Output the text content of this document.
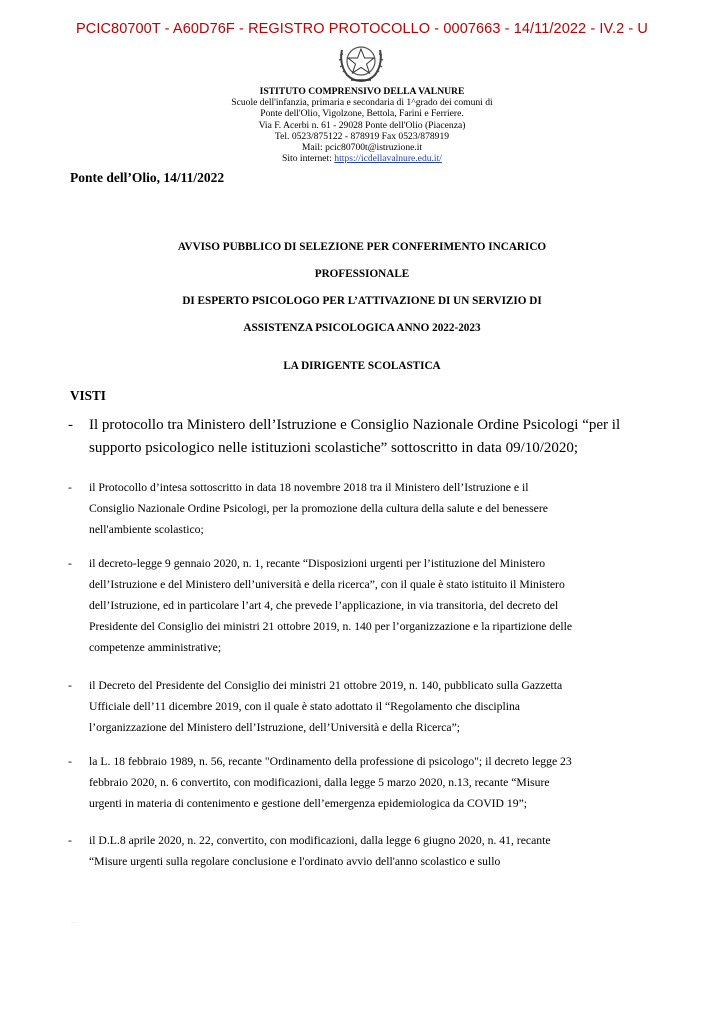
PCIC80700T - A60D76F - REGISTRO PROTOCOLLO - 0007663 - 14/11/2022 - IV.2 - U
ISTITUTO COMPRENSIVO DELLA VALNURE
Scuole dell'infanzia, primaria e secondaria di 1^grado dei comuni di
Ponte dell'Olio, Vigolzone, Bettola, Farini e Ferriere.
Via F. Acerbi n. 61 - 29028 Ponte dell'Olio (Piacenza)
Tel. 0523/875122 - 878919 Fax 0523/878919
Mail: pcic80700t@istruzione.it
Sito internet: https://icdellavalnure.edu.it/
Ponte dell’Olio, 14/11/2022
AVVISO PUBBLICO DI SELEZIONE PER CONFERIMENTO INCARICO
PROFESSIONALE
DI ESPERTO PSICOLOGO PER L’ATTIVAZIONE DI UN SERVIZIO DI
ASSISTENZA PSICOLOGICA ANNO 2022-2023
LA DIRIGENTE SCOLASTICA
VISTI
- Il protocollo tra Ministero dell’Istruzione e Consiglio Nazionale Ordine Psicologi “per il
supporto psicologico nelle istituzioni scolastiche” sottoscritto in data 09/10/2020;
- il Protocollo d’intesa sottoscritto in data 18 novembre 2018 tra il Ministero dell’Istruzione e il
Consiglio Nazionale Ordine Psicologi, per la promozione della cultura della salute e del benessere
nell'ambiente scolastico;
- il decreto-legge 9 gennaio 2020, n. 1, recante “Disposizioni urgenti per l’istituzione del Ministero
dell’Istruzione e del Ministero dell’università e della ricerca”, con il quale è stato istituito il Ministero
dell’Istruzione, ed in particolare l’art 4, che prevede l’applicazione, in via transitoria, del decreto del
Presidente del Consiglio dei ministri 21 ottobre 2019, n. 140 per l’organizzazione e la ripartizione delle
competenze amministrative;
- il Decreto del Presidente del Consiglio dei ministri 21 ottobre 2019, n. 140, pubblicato sulla Gazzetta
Ufficiale dell’11 dicembre 2019, con il quale è stato adottato il “Regolamento che disciplina
l’organizzazione del Ministero dell’Istruzione, dell’Università e della Ricerca”;
- la L. 18 febbraio 1989, n. 56, recante "Ordinamento della professione di psicologo"; il decreto legge 23
febbraio 2020, n. 6 convertito, con modificazioni, dalla legge 5 marzo 2020, n.13, recante “Misure
urgenti in materia di contenimento e gestione dell’emergenza epidemiologica da COVID 19”;
- il D.L.8 aprile 2020, n. 22, convertito, con modificazioni, dalla legge 6 giugno 2020, n. 41, recante
“Misure urgenti sulla regolare conclusione e l'ordinato avvio dell'anno scolastico e sullo
···· ··
